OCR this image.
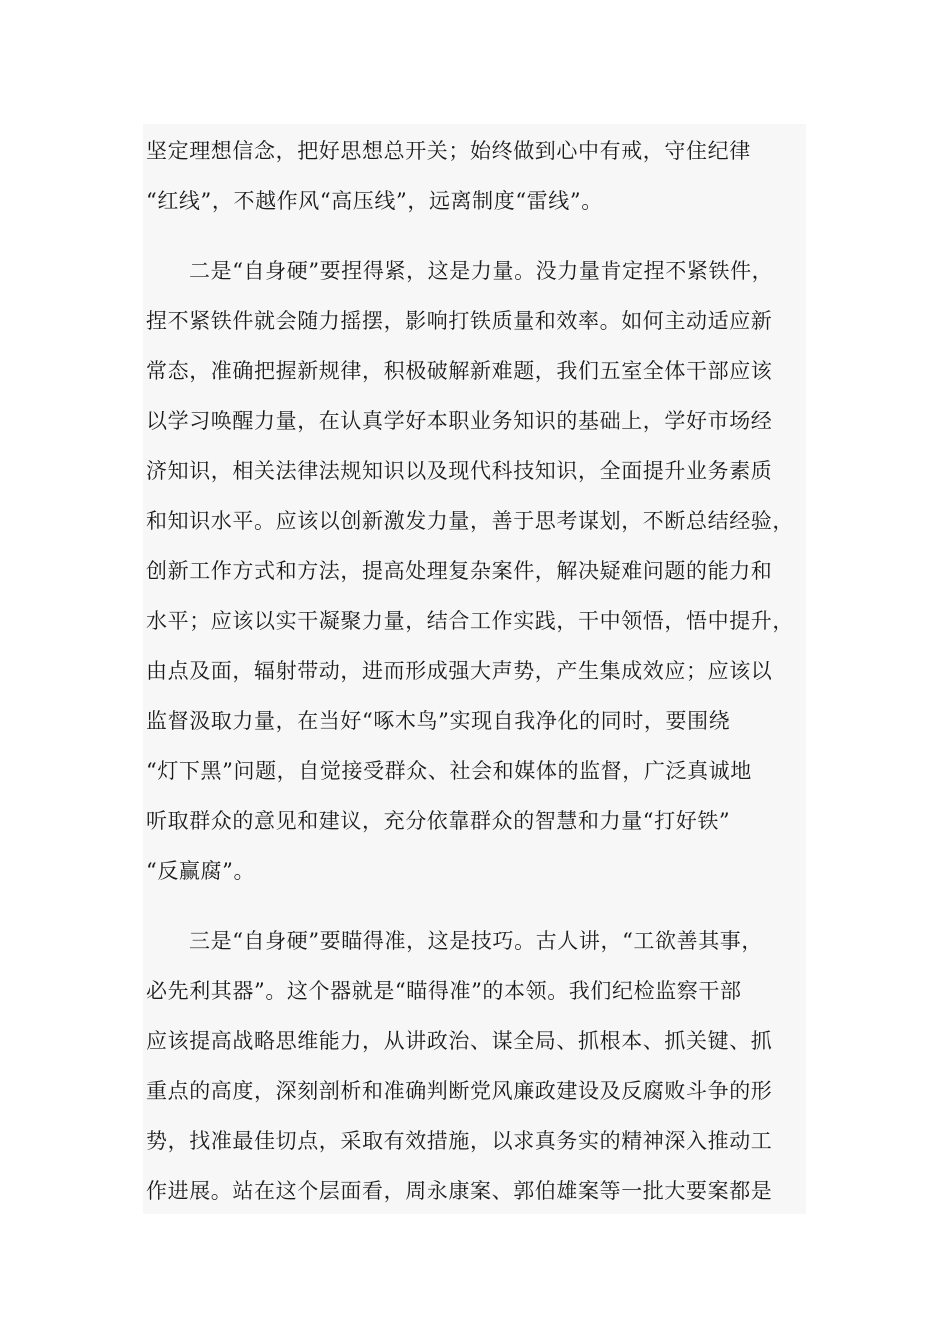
坚定理想信念，把好思想总开关；始终做到心中有戒，守住纪律
“红线”，不越作风“高压线”，远离制度“雷线”。
二是“自身硬”要捏得紧，这是力量。没力量肯定捏不紧铁件，
捏不紧铁件就会随力摇摆，影响打铁质量和效率。如何主动适应新
常态，准确把握新规律，积极破解新难题，我们五室全体干部应该
以学习唤醒力量，在认真学好本职业务知识的基础上，学好市场经
济知识，相关法律法规知识以及现代科技知识，全面提升业务素质
和知识水平。应该以创新激发力量，善于思考谋划，不断总结经验，
创新工作方式和方法，提高处理复杂案件，解决疑难问题的能力和
水平；应该以实干凝聚力量，结合工作实践，干中领悟，悟中提升，
由点及面，辐射带动，进而形成强大声势，产生集成效应；应该以
监督汲取力量，在当好“啄木鸟”实现自我净化的同时，要围绕
“灯下黑”问题，自觉接受群众、社会和媒体的监督，广泛真诚地
听取群众的意见和建议，充分依靠群众的智慧和力量“打好铁”
“反赢腐”。
三是“自身硬”要瞄得准，这是技巧。古人讲，“工欲善其事，
必先利其器”。这个器就是“瞄得准”的本领。我们纪检监察干部
应该提高战略思维能力，从讲政治、谋全局、抓根本、抓关键、抓
重点的高度，深刻剖析和准确判断党风廉政建设及反腐败斗争的形
势，找准最佳切点，采取有效措施，以求真务实的精神深入推动工
作进展。站在这个层面看，周永康案、郭伯雄案等一批大要案都是
